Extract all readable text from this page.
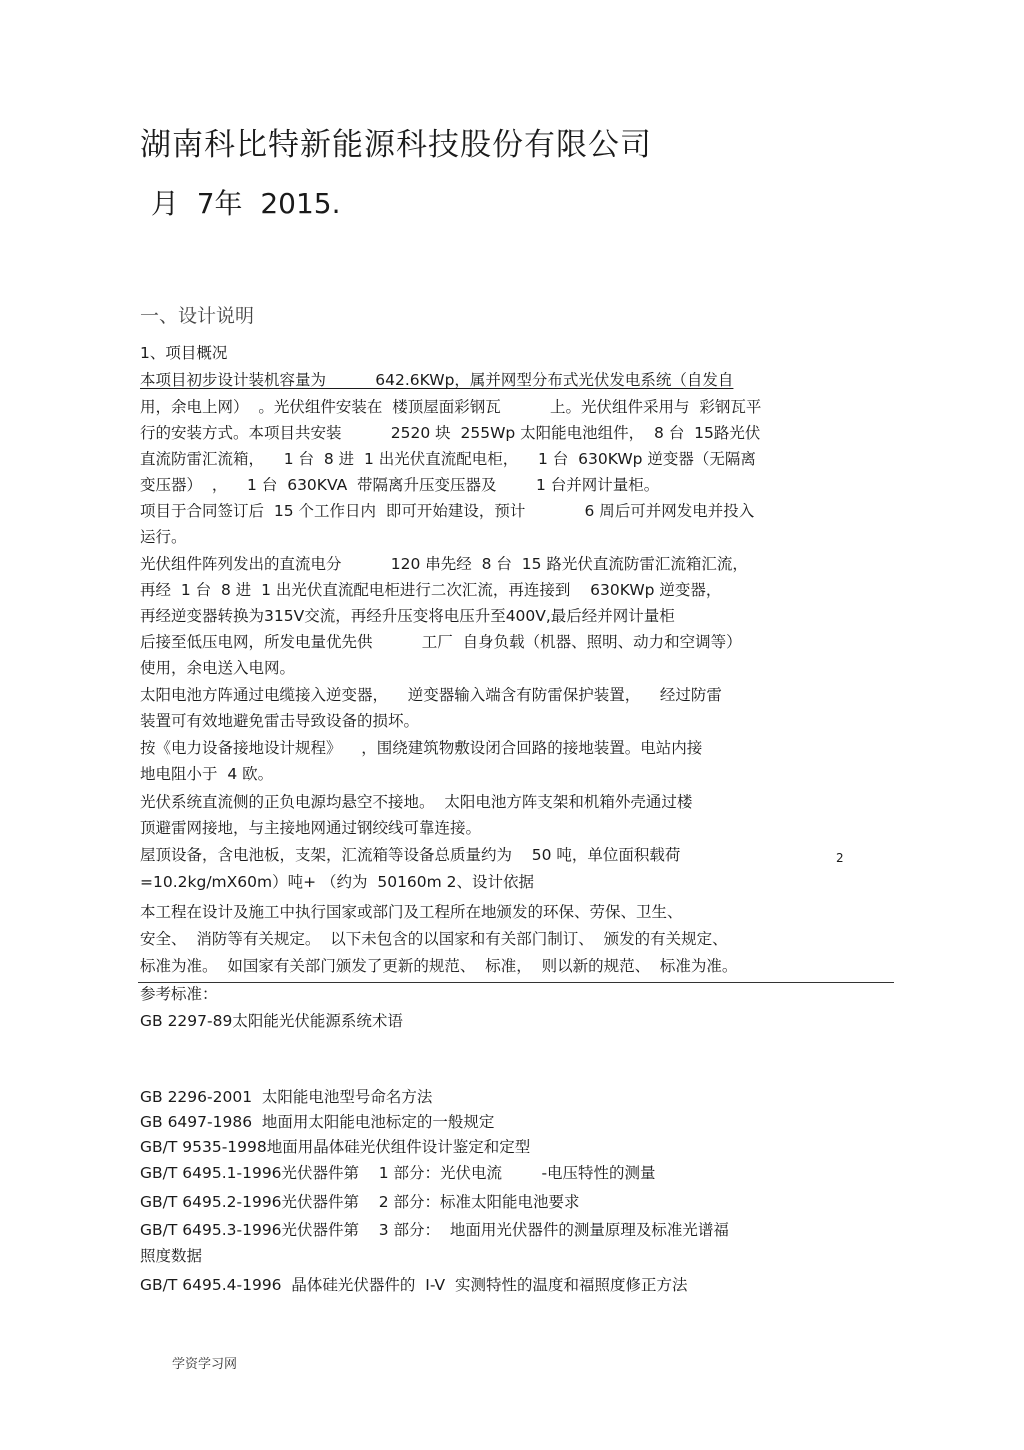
湖南科比特新能源科技股份有限公司
月  7年  2015.
一、设计说明
1、项目概况
本项目初步设计装机容量为          642.6KWp，属并网型分布式光伏发电系统（自发自
用，余电上网）  。光伏组件安装在  楼顶屋面彩钢瓦          上。光伏组件采用与  彩钢瓦平
行的安装方式。本项目共安装          2520 块  255Wp 太阳能电池组件，  8 台  15路光伏
直流防雷汇流箱，    1 台  8 进  1 出光伏直流配电柜，    1 台  630KWp 逆变器（无隔离
变压器）  ，    1 台  630KVA  带隔离升压变压器及        1 台并网计量柜。
项目于合同签订后  15 个工作日内  即可开始建设，预计            6 周后可并网发电并投入
运行。
光伏组件阵列发出的直流电分          120 串先经  8 台  15 路光伏直流防雷汇流箱汇流，
再经  1 台  8 进  1 出光伏直流配电柜进行二次汇流，再连接到    630KWp 逆变器，
再经逆变器转换为315V交流，再经升压变将电压升至400V,最后经并网计量柜
后接至低压电网，所发电量优先供          工厂  自身负载（机器、照明、动力和空调等）
使用，余电送入电网。
太阳电池方阵通过电缆接入逆变器，    逆变器输入端含有防雷保护装置，    经过防雷
装置可有效地避免雷击导致设备的损坏。
按《电力设备接地设计规程》    ，围绕建筑物敷设闭合回路的接地装置。电站内接
地电阻小于  4 欧。
光伏系统直流侧的正负电源均悬空不接地。  太阳电池方阵支架和机箱外壳通过楼
顶避雷网接地，与主接地网通过钢绞线可靠连接。
屋顶设备，含电池板，支架，汇流箱等设备总质量约为    50 吨，单位面积载荷
=10.2kg/mX60m）吨+ （约为  50160m 2、设计依据
本工程在设计及施工中执行国家或部门及工程所在地颁发的环保、劳保、卫生、
安全、  消防等有关规定。  以下未包含的以国家和有关部门制订、  颁发的有关规定、
标准为准。  如国家有关部门颁发了更新的规范、  标准，  则以新的规范、  标准为准。
参考标准：
GB 2297-89太阳能光伏能源系统术语
GB 2296-2001  太阳能电池型号命名方法
GB 6497-1986  地面用太阳能电池标定的一般规定
GB/T 9535-1998地面用晶体硅光伏组件设计鉴定和定型
GB/T 6495.1-1996光伏器件第    1 部分：光伏电流        -电压特性的测量
GB/T 6495.2-1996光伏器件第    2 部分：标准太阳能电池要求
GB/T 6495.3-1996光伏器件第    3 部分：  地面用光伏器件的测量原理及标准光谱福
照度数据
GB/T 6495.4-1996  晶体硅光伏器件的  I-V  实测特性的温度和福照度修正方法
2
学资学习网
